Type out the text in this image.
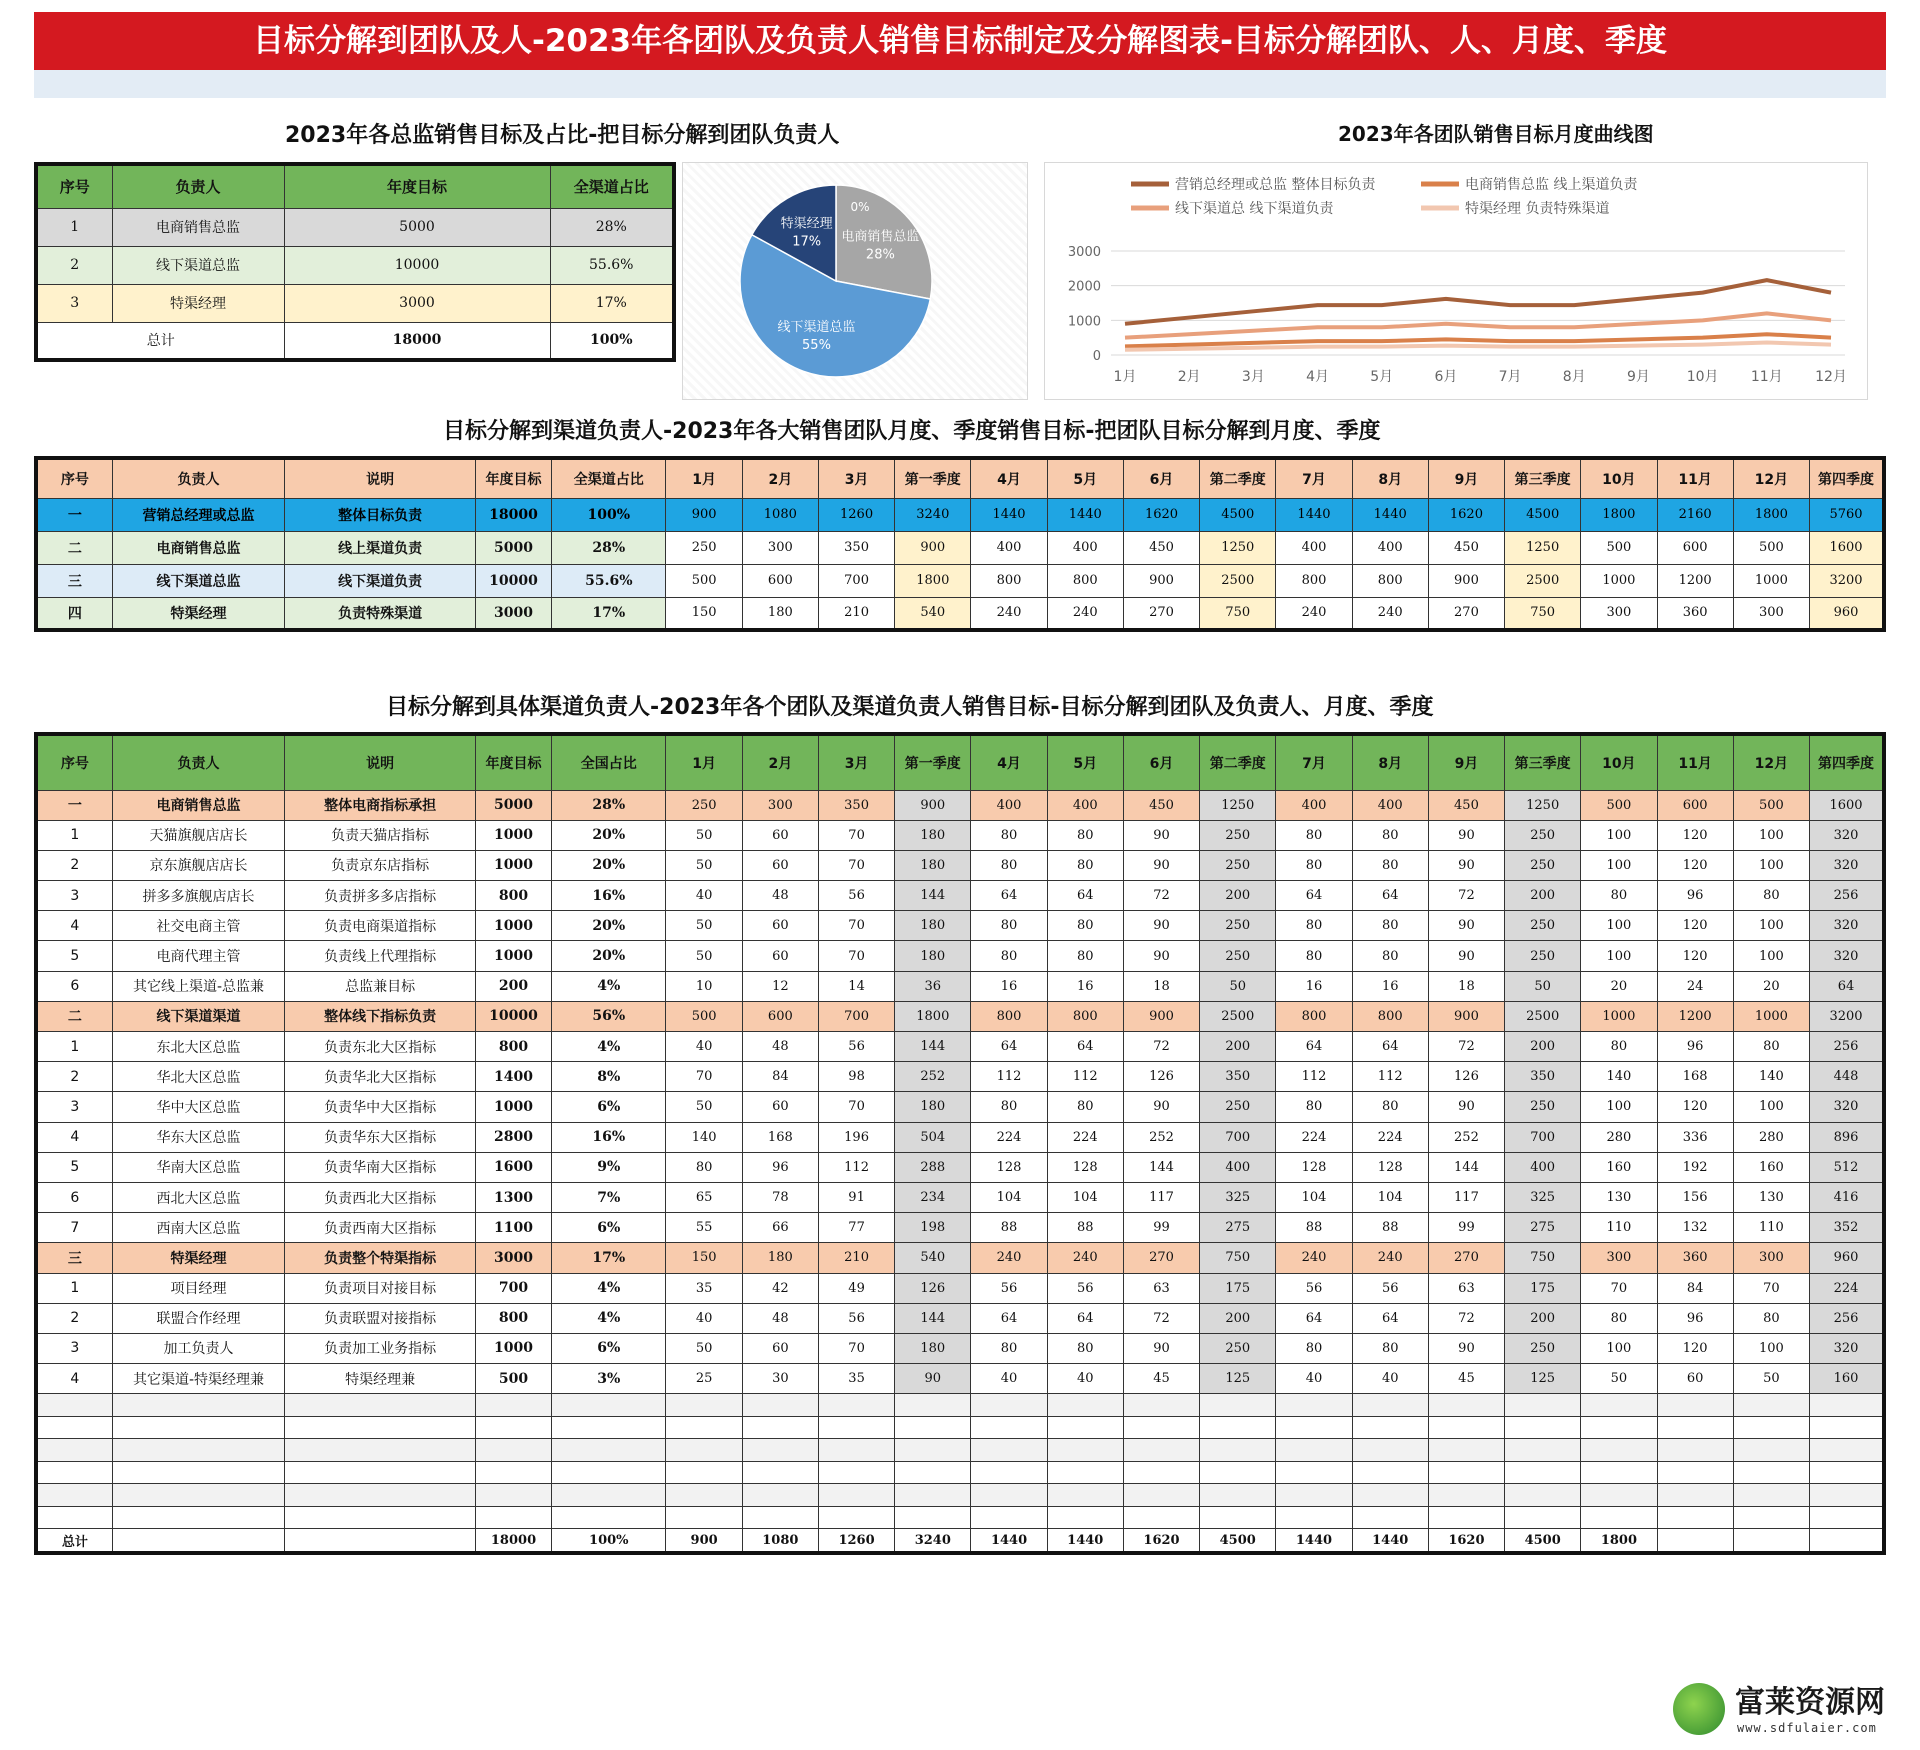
目标分解到团队及人-2023年各团队及负责人销售目标制定及分解图表-目标分解团队、人、月度、季度
2023年各总监销售目标及占比-把目标分解到团队负责人
序号	负责人	年度目标	全渠道占比
1	电商销售总监	5000	28%
2	线下渠道总监	10000	55.6%
3	特渠经理	3000	17%
总计		18000	100%
电商销售总监
28%
线下渠道总监
55%
特渠经理
17%
0%
2023年各团队销售目标月度曲线图
营销总经理或总监 整体目标负责	电商销售总监 线上渠道负责
线下渠道总 线下渠道负责	特渠经理 负责特殊渠道
0
1000
2000
3000
1月	2月	3月	4月	5月	6月	7月	8月	9月	10月 11月 12月
目标分解到渠道负责人-2023年各大销售团队月度、季度销售目标-把团队目标分解到月度、季度
序号	负责人	说明	年度目标	全渠道占比	1月	2月	3月	第一季度	4月	5月	6月	第二季度	7月	8月	9月	第三季度	10月	11月	12月	第四季度
一	营销总经理或总监	整体目标负责	18000	100%	900	1080	1260	3240	1440	1440	1620	4500	1440	1440	1620	4500	1800	2160	1800	5760
二	电商销售总监	线上渠道负责	5000	28%	250	300	350	900	400	400	450	1250	400	400	450	1250	500	600	500	1600
三	线下渠道总监	线下渠道负责	10000	55.6%	500	600	700	1800	800	800	900	2500	800	800	900	2500	1000	1200	1000	3200
四	特渠经理	负责特殊渠道	3000	17%	150	180	210	540	240	240	270	750	240	240	270	750	300	360	300	960
目标分解到具体渠道负责人-2023年各个团队及渠道负责人销售目标-目标分解到团队及负责人、月度、季度
序号	负责人	说明	年度目标	全国占比	1月	2月	3月	第一季度	4月	5月	6月	第二季度	7月	8月	9月	第三季度	10月	11月	12月	第四季度
一	电商销售总监	整体电商指标承担	5000	28%	250	300	350	900	400	400	450	1250	400	400	450	1250	500	600	500	1600
1	天猫旗舰店店长	负责天猫店指标	1000	20%	50	60	70	180	80	80	90	250	80	80	90	250	100	120	100	320
2	京东旗舰店店长	负责京东店指标	1000	20%	50	60	70	180	80	80	90	250	80	80	90	250	100	120	100	320
3	拼多多旗舰店店长	负责拼多多店指标	800	16%	40	48	56	144	64	64	72	200	64	64	72	200	80	96	80	256
4	社交电商主管	负责电商渠道指标	1000	20%	50	60	70	180	80	80	90	250	80	80	90	250	100	120	100	320
5	电商代理主管	负责线上代理指标	1000	20%	50	60	70	180	80	80	90	250	80	80	90	250	100	120	100	320
6	其它线上渠道-总监兼	总监兼目标	200	4%	10	12	14	36	16	16	18	50	16	16	18	50	20	24	20	64
二	线下渠道渠道	整体线下指标负责	10000	56%	500	600	700	1800	800	800	900	2500	800	800	900	2500	1000	1200	1000	3200
1	东北大区总监	负责东北大区指标	800	4%	40	48	56	144	64	64	72	200	64	64	72	200	80	96	80	256
2	华北大区总监	负责华北大区指标	1400	8%	70	84	98	252	112	112	126	350	112	112	126	350	140	168	140	448
3	华中大区总监	负责华中大区指标	1000	6%	50	60	70	180	80	80	90	250	80	80	90	250	100	120	100	320
4	华东大区总监	负责华东大区指标	2800	16%	140	168	196	504	224	224	252	700	224	224	252	700	280	336	280	896
5	华南大区总监	负责华南大区指标	1600	9%	80	96	112	288	128	128	144	400	128	128	144	400	160	192	160	512
6	西北大区总监	负责西北大区指标	1300	7%	65	78	91	234	104	104	117	325	104	104	117	325	130	156	130	416
7	西南大区总监	负责西南大区指标	1100	6%	55	66	77	198	88	88	99	275	88	88	99	275	110	132	110	352
三	特渠经理	负责整个特渠指标	3000	17%	150	180	210	540	240	240	270	750	240	240	270	750	300	360	300	960
1	项目经理	负责项目对接目标	700	4%	35	42	49	126	56	56	63	175	56	56	63	175	70	84	70	224
2	联盟合作经理	负责联盟对接指标	800	4%	40	48	56	144	64	64	72	200	64	64	72	200	80	96	80	256
3	加工负责人	负责加工业务指标	1000	6%	50	60	70	180	80	80	90	250	80	80	90	250	100	120	100	320
4	其它渠道-特渠经理兼	特渠经理兼	500	3%	25	30	35	90	40	40	45	125	40	40	45	125	50	60	50	160

总计			18000	100%	900	1080	1260	3240	1440	1440	1620	4500	1440	1440	1620	4500	1800			
富莱资源网
www.sdfulaier.com
